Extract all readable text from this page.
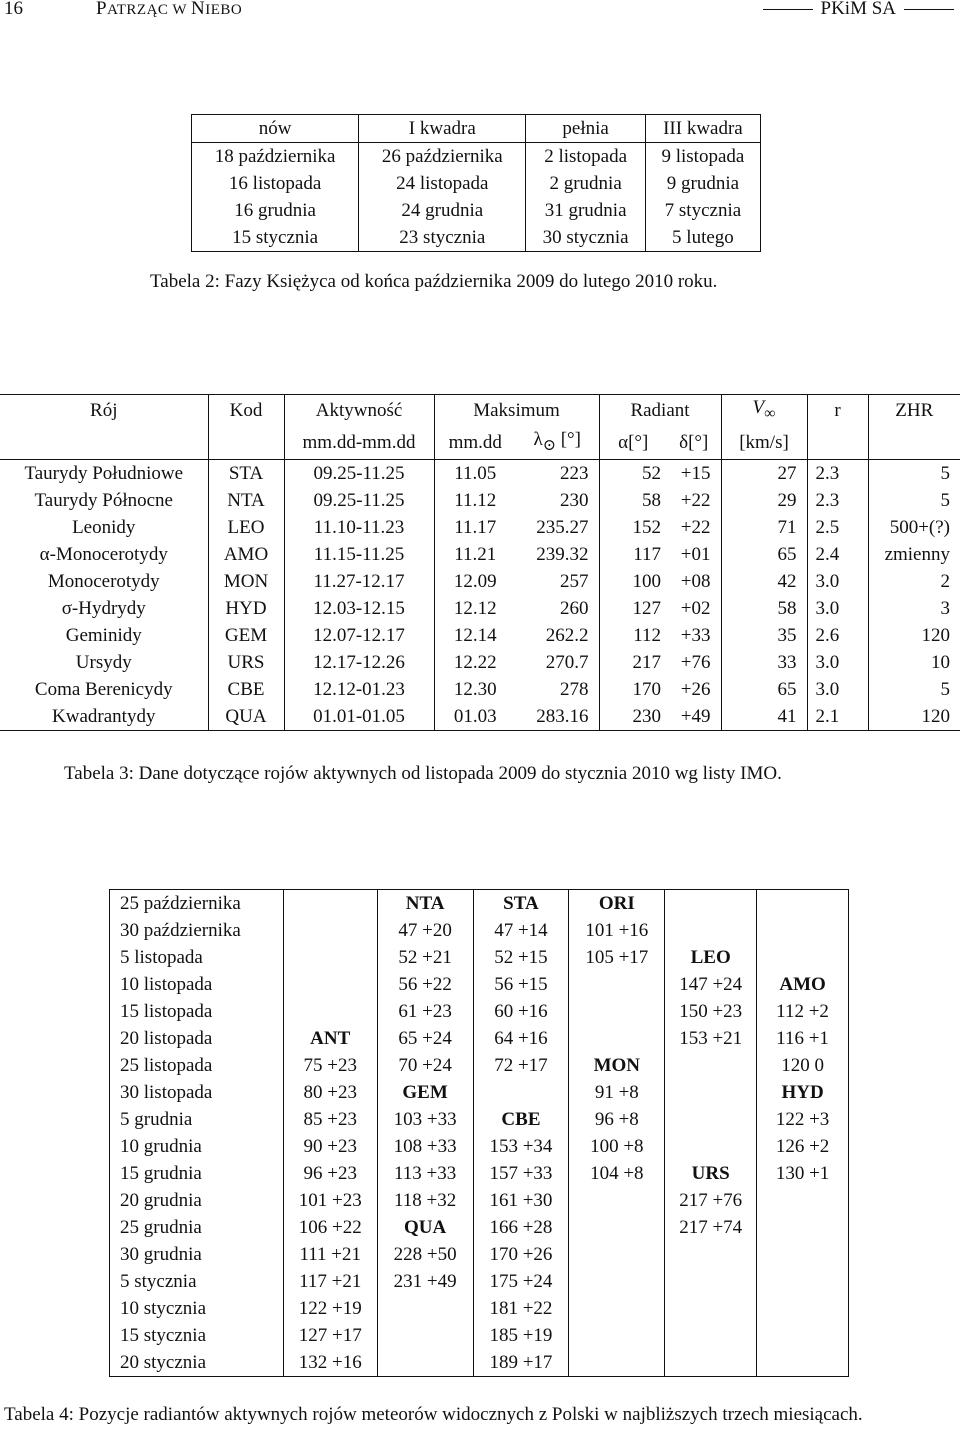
16	PATRZĄC W NIEBO	PKiM SA
nów	I kwadra	pełnia	III kwadra
18 października	26 października	2 listopada	9 listopada
16 listopada	24 listopada	2 grudnia	9 grudnia
16 grudnia	24 grudnia	31 grudnia	7 stycznia
15 stycznia	23 stycznia	30 stycznia	5 lutego
Tabela 2: Fazy Księżyca od końca października 2009 do lutego 2010 roku.
Rój	Kod	Aktywność	Maksimum		Radiant		$V_\infty$	r	ZHR
		mm.dd-mm.dd	mm.dd	$\lambda_⊙$ [°]	α[°]	δ[°]	[km/s]		
Taurydy Południowe	STA	09.25-11.25	11.05	223	52	+15	27	2.3	5
Taurydy Północne	NTA	09.25-11.25	11.12	230	58	+22	29	2.3	5
Leonidy	LEO	11.10-11.23	11.17	235.27	152	+22	71	2.5	500+(?)
α-Monocerotydy	AMO	11.15-11.25	11.21	239.32	117	+01	65	2.4	zmienny
Monocerotydy	MON	11.27-12.17	12.09	257	100	+08	42	3.0	2
σ-Hydrydy	HYD	12.03-12.15	12.12	260	127	+02	58	3.0	3
Geminidy	GEM	12.07-12.17	12.14	262.2	112	+33	35	2.6	120
Ursydy	URS	12.17-12.26	12.22	270.7	217	+76	33	3.0	10
Coma Berenicydy	CBE	12.12-01.23	12.30	278	170	+26	65	3.0	5
Kwadrantydy	QUA	01.01-01.05	01.03	283.16	230	+49	41	2.1	120
Tabela 3: Dane dotyczące rojów aktywnych od listopada 2009 do stycznia 2010 wg listy IMO.
25 października		NTA	STA	ORI		
30 października		47 +20	47 +14	101 +16		
5 listopada		52 +21	52 +15	105 +17	LEO	
10 listopada		56 +22	56 +15		147 +24	AMO
15 listopada		61 +23	60 +16		150 +23	112 +2
20 listopada	ANT	65 +24	64 +16		153 +21	116 +1
25 listopada	75 +23	70 +24	72 +17	MON		120 0
30 listopada	80 +23	GEM		91 +8		HYD
5 grudnia	85 +23	103 +33	CBE	96 +8		122 +3
10 grudnia	90 +23	108 +33	153 +34	100 +8		126 +2
15 grudnia	96 +23	113 +33	157 +33	104 +8	URS	130 +1
20 grudnia	101 +23	118 +32	161 +30		217 +76	
25 grudnia	106 +22	QUA	166 +28		217 +74	
30 grudnia	111 +21	228 +50	170 +26			
5 stycznia	117 +21	231 +49	175 +24			
10 stycznia	122 +19		181 +22			
15 stycznia	127 +17		185 +19			
20 stycznia	132 +16		189 +17			
Tabela 4: Pozycje radiantów aktywnych rojów meteorów widocznych z Polski w najbliższych trzech miesiącach.
